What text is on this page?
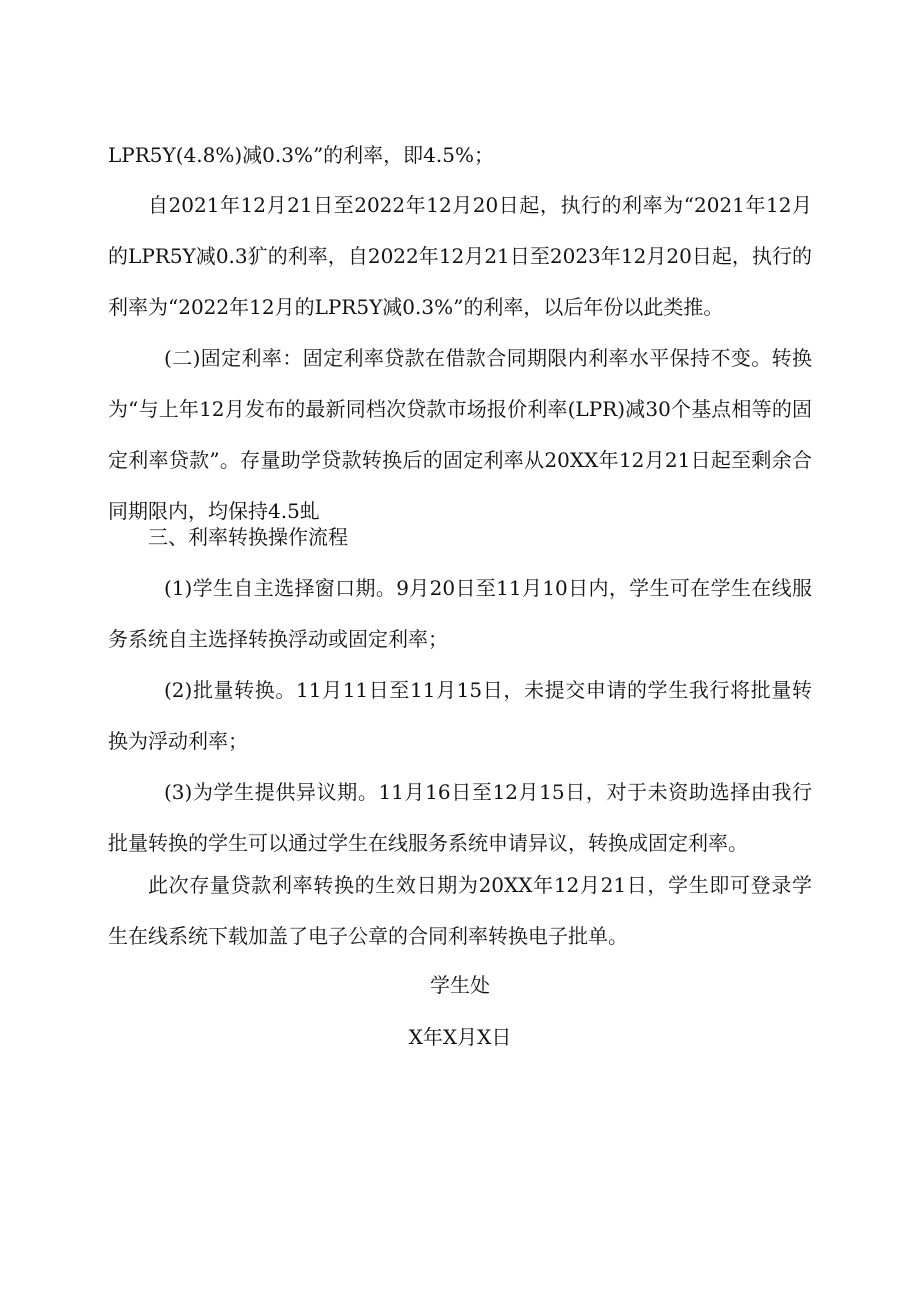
LPR5Y(4.8%)减0.3%”的利率，即4.5%；

自2021年12月21日至2022年12月20日起，执行的利率为“2021年12月的LPR5Y减0.3犷的利率，自2022年12月21日至2023年12月20日起，执行的利率为“2022年12月的LPR5Y减0.3%”的利率，以后年份以此类推。

(二)固定利率：固定利率贷款在借款合同期限内利率水平保持不变。转换为“与上年12月发布的最新同档次贷款市场报价利率(LPR)减30个基点相等的固定利率贷款”。存量助学贷款转换后的固定利率从20XX年12月21日起至剩余合同期限内，均保持4.5虬

三、利率转换操作流程

(1)学生自主选择窗口期。9月20日至11月10日内，学生可在学生在线服务系统自主选择转换浮动或固定利率；

(2)批量转换。11月11日至11月15日，未提交申请的学生我行将批量转换为浮动利率；

(3)为学生提供异议期。11月16日至12月15日，对于未资助选择由我行批量转换的学生可以通过学生在线服务系统申请异议，转换成固定利率。

此次存量贷款利率转换的生效日期为20XX年12月21日，学生即可登录学生在线系统下载加盖了电子公章的合同利率转换电子批单。

学生处

X年X月X日
